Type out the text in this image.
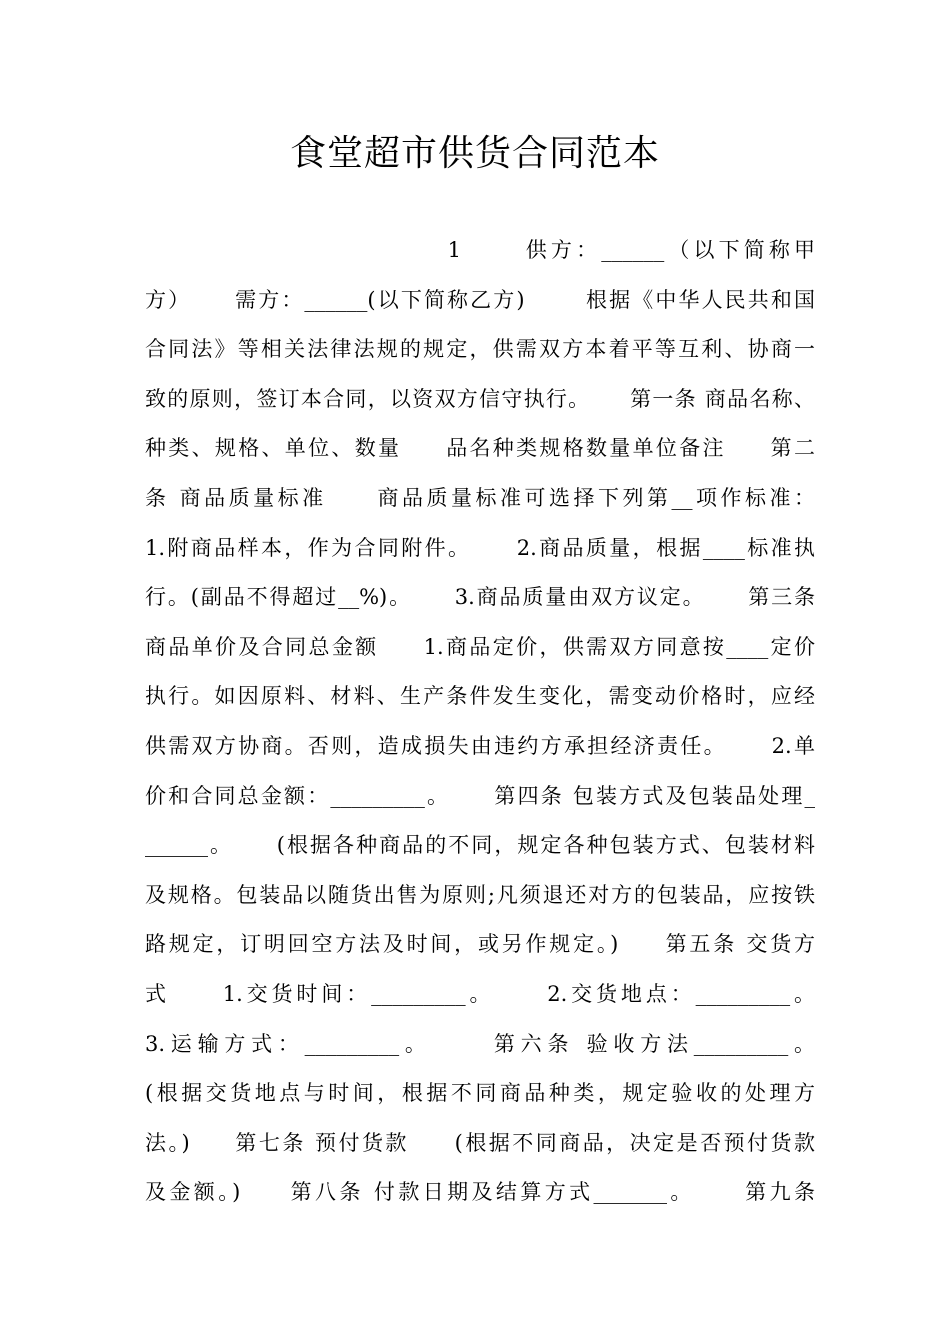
食堂超市供货合同范本
1      供方：______（以下简称甲
方）     需方：______(以下简称乙方)       根据《中华人民共和国
合同法》等相关法律法规的规定，供需双方本着平等互利、协商一
致的原则，签订本合同，以资双方信守执行。     第一条 商品名称、
种类、规格、单位、数量     品名种类规格数量单位备注     第二
条 商品质量标准     商品质量标准可选择下列第__项作标准：
1.附商品样本，作为合同附件。     2.商品质量，根据____标准执
行。(副品不得超过__%)。     3.商品质量由双方议定。     第三条
商品单价及合同总金额     1.商品定价，供需双方同意按____定价
执行。如因原料、材料、生产条件发生变化，需变动价格时，应经
供需双方协商。否则，造成损失由违约方承担经济责任。     2.单
价和合同总金额：_________。     第四条 包装方式及包装品处理_
______。     (根据各种商品的不同，规定各种包装方式、包装材料
及规格。包装品以随货出售为原则;凡须退还对方的包装品，应按铁
路规定，订明回空方法及时间，或另作规定。)     第五条 交货方
式     1.交货时间：_________。     2.交货地点：_________。
3.运输方式：_________。     第六条 验收方法_________。
(根据交货地点与时间，根据不同商品种类，规定验收的处理方
法。)     第七条 预付货款     (根据不同商品，决定是否预付货款
及金额。)     第八条 付款日期及结算方式_______。     第九条
